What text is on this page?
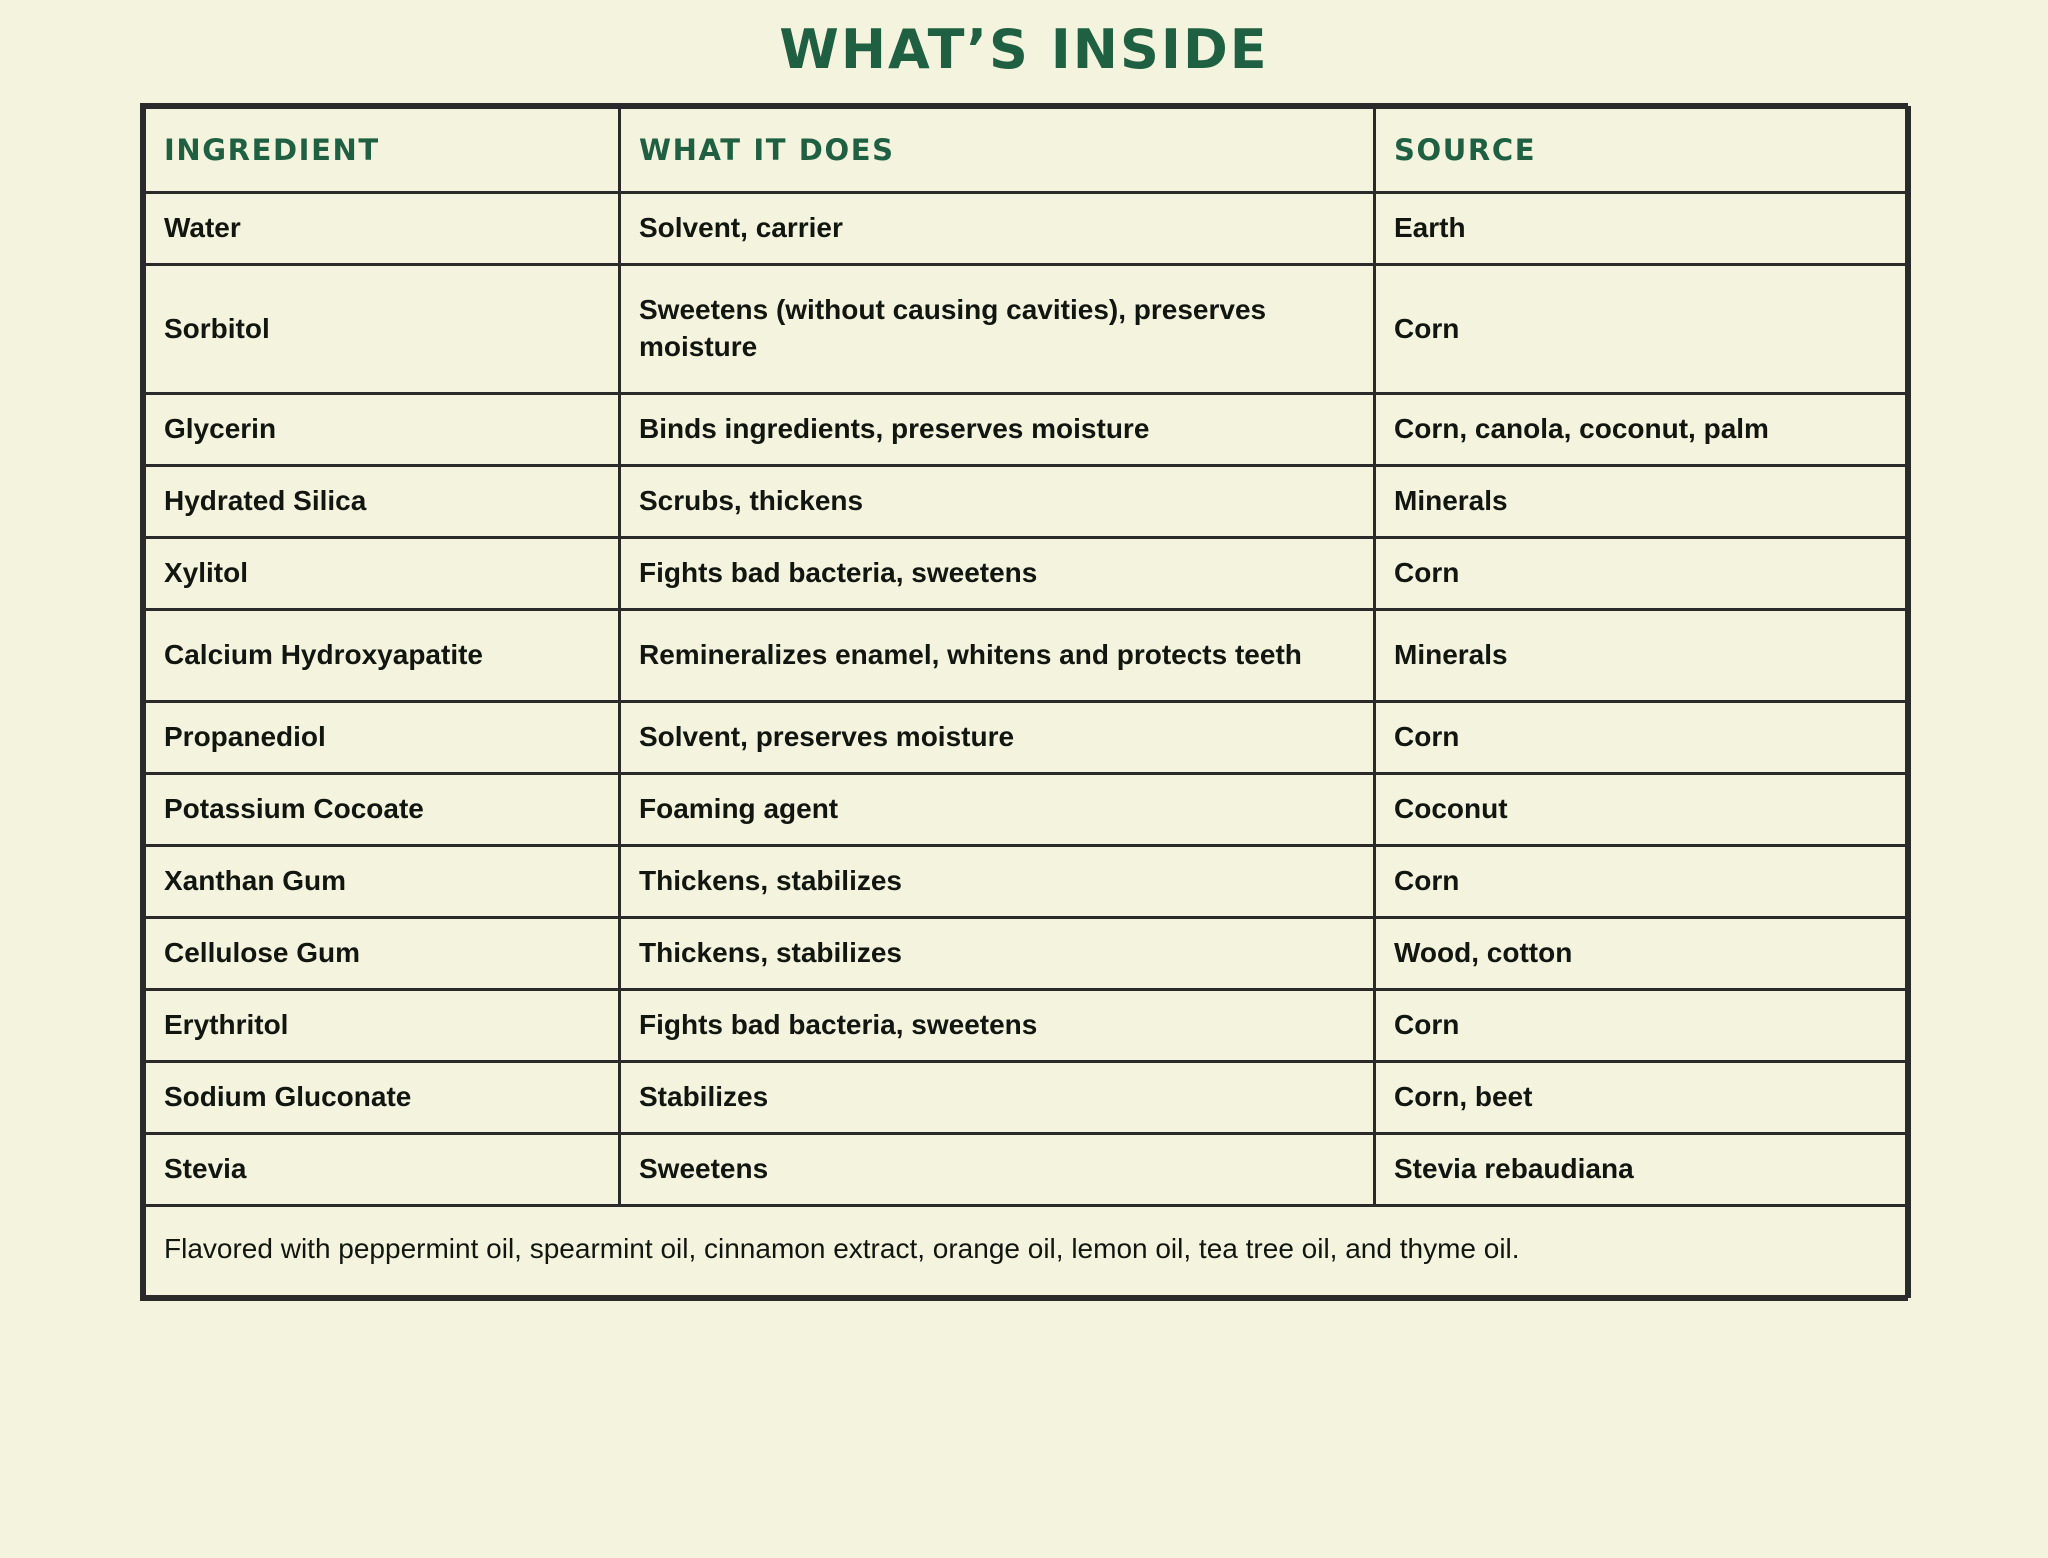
WHAT’S INSIDE
INGREDIENT	WHAT IT DOES	SOURCE
Water	Solvent, carrier	Earth
Sorbitol	Sweetens (without causing cavities), preserves moisture	Corn
Glycerin	Binds ingredients, preserves moisture	Corn, canola, coconut, palm
Hydrated Silica	Scrubs, thickens	Minerals
Xylitol	Fights bad bacteria, sweetens	Corn
Calcium Hydroxyapatite	Remineralizes enamel, whitens and protects teeth	Minerals
Propanediol	Solvent, preserves moisture	Corn
Potassium Cocoate	Foaming agent	Coconut
Xanthan Gum	Thickens, stabilizes	Corn
Cellulose Gum	Thickens, stabilizes	Wood, cotton
Erythritol	Fights bad bacteria, sweetens	Corn
Sodium Gluconate	Stabilizes	Corn, beet
Stevia	Sweetens	Stevia rebaudiana
Flavored with peppermint oil, spearmint oil, cinnamon extract, orange oil, lemon oil, tea tree oil, and thyme oil.		
